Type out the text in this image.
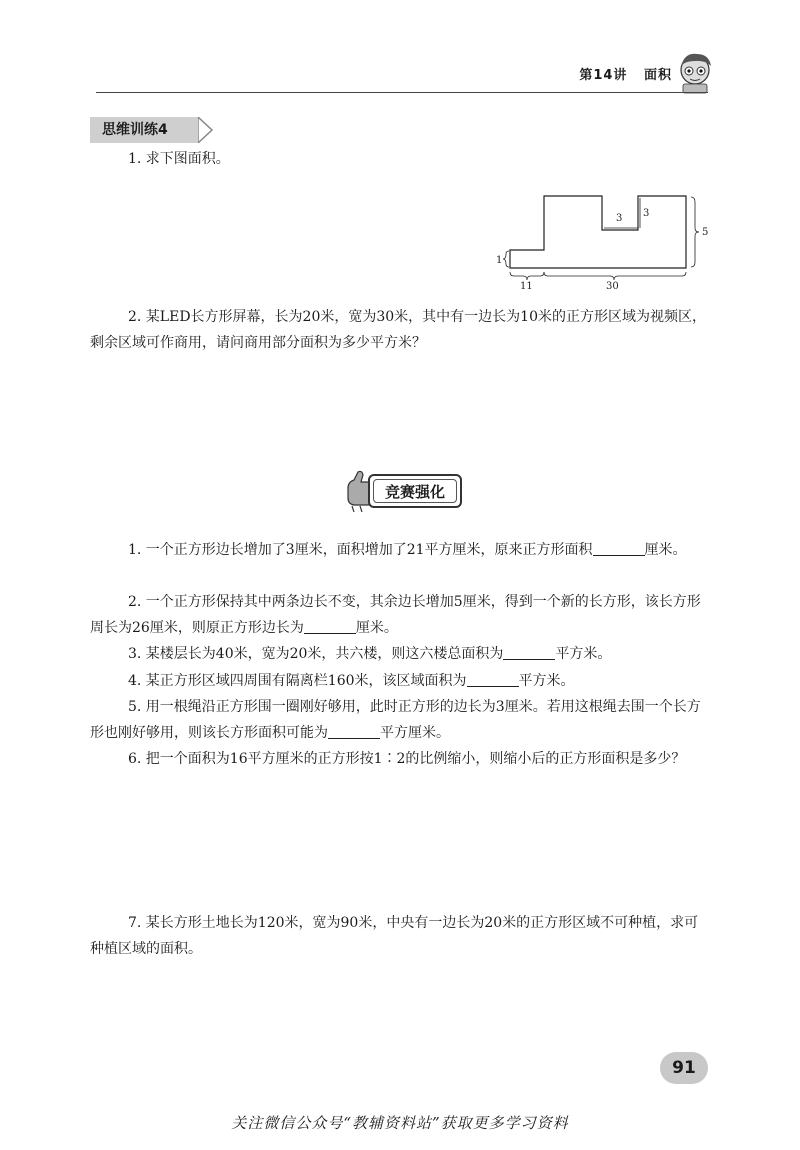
第14讲 面积
思维训练4
1. 求下图面积。
3 3
5
1
11	30
2. 某LED长方形屏幕，长为20米，宽为30米，其中有一边长为10米的正方形区域为视频区，剩余区域可作商用，请问商用部分面积为多少平方米？
竞赛强化
1. 一个正方形边长增加了3厘米，面积增加了21平方厘米，原来正方形面积	厘米。
2. 一个正方形保持其中两条边长不变，其余边长增加5厘米，得到一个新的长方形，该长方形周长为26厘米，则原正方形边长为	厘米。
3. 某楼层长为40米，宽为20米，共六楼，则这六楼总面积为	平方米。
4. 某正方形区域四周围有隔离栏160米，该区域面积为	平方米。
5. 用一根绳沿正方形围一圈刚好够用，此时正方形的边长为3厘米。若用这根绳去围一个长方形也刚好够用，则该长方形面积可能为	平方厘米。
6. 把一个面积为16平方厘米的正方形按1∶2的比例缩小，则缩小后的正方形面积是多少？
7. 某长方形土地长为120米，宽为90米，中央有一边长为20米的正方形区域不可种植，求可种植区域的面积。
91
关注微信公众号“教辅资料站”获取更多学习资料
